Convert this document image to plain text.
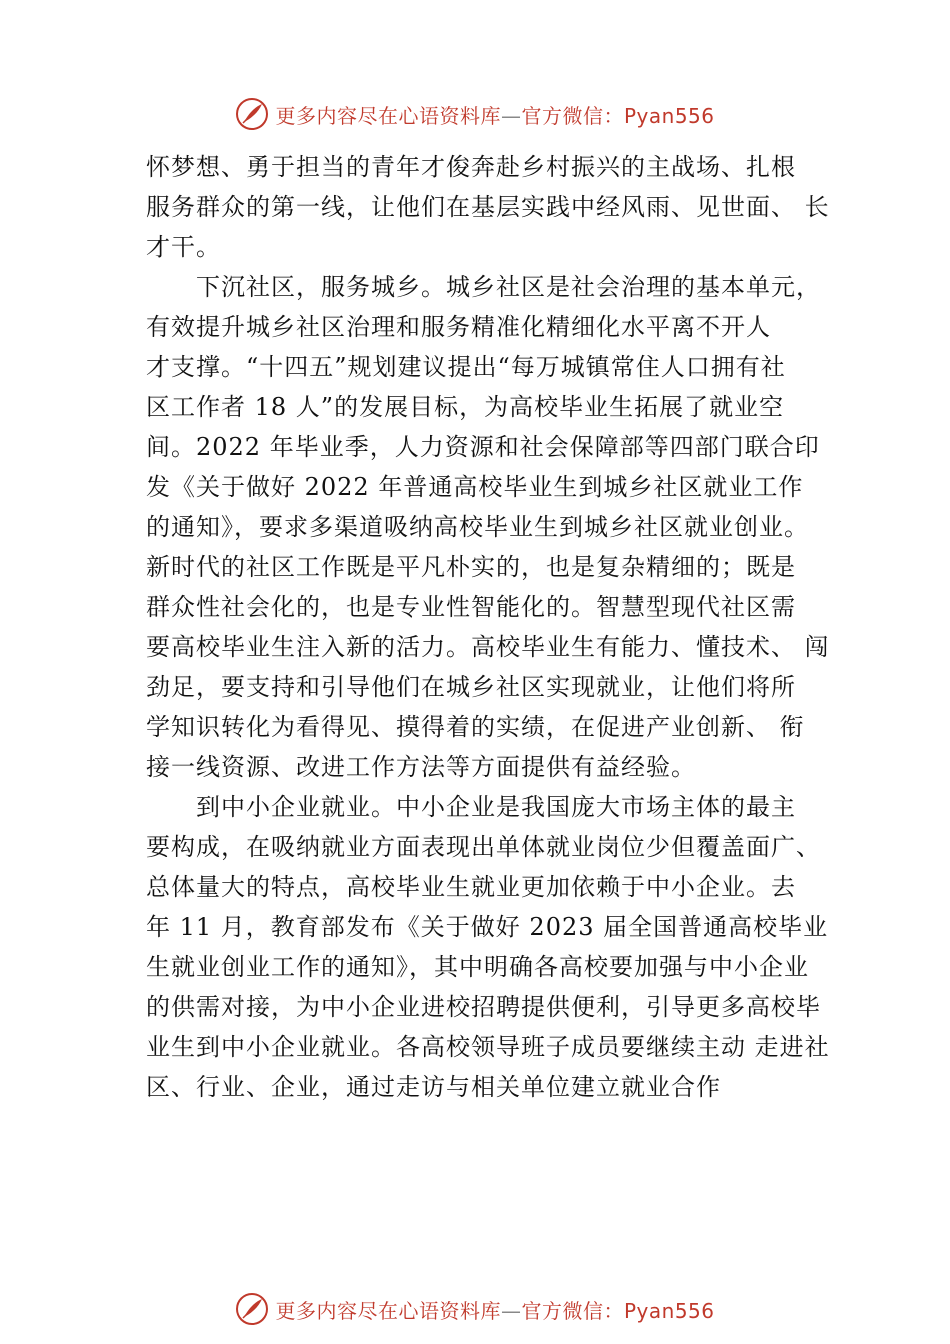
更多内容尽在心语资料库—官方微信：Pyan556
怀梦想、勇于担当的青年才俊奔赴乡村振兴的主战场、扎根
服务群众的第一线，让他们在基层实践中经风雨、见世面、 长
才干。
　　下沉社区，服务城乡。城乡社区是社会治理的基本单元，
有效提升城乡社区治理和服务精准化精细化水平离不开人
才支撑。“十四五”规划建议提出“每万城镇常住人口拥有社
区工作者 18 人”的发展目标，为高校毕业生拓展了就业空
间。2022 年毕业季，人力资源和社会保障部等四部门联合印
发《关于做好 2022 年普通高校毕业生到城乡社区就业工作
的通知》，要求多渠道吸纳高校毕业生到城乡社区就业创业。
新时代的社区工作既是平凡朴实的，也是复杂精细的；既是
群众性社会化的，也是专业性智能化的。智慧型现代社区需
要高校毕业生注入新的活力。高校毕业生有能力、懂技术、 闯
劲足，要支持和引导他们在城乡社区实现就业，让他们将所
学知识转化为看得见、摸得着的实绩，在促进产业创新、 衔
接一线资源、改进工作方法等方面提供有益经验。
　　到中小企业就业。中小企业是我国庞大市场主体的最主
要构成，在吸纳就业方面表现出单体就业岗位少但覆盖面广、
总体量大的特点，高校毕业生就业更加依赖于中小企业。去
年 11 月，教育部发布《关于做好 2023 届全国普通高校毕业
生就业创业工作的通知》，其中明确各高校要加强与中小企业
的供需对接，为中小企业进校招聘提供便利，引导更多高校毕
业生到中小企业就业。各高校领导班子成员要继续主动 走进社
区、行业、企业，通过走访与相关单位建立就业合作
更多内容尽在心语资料库—官方微信：Pyan556
